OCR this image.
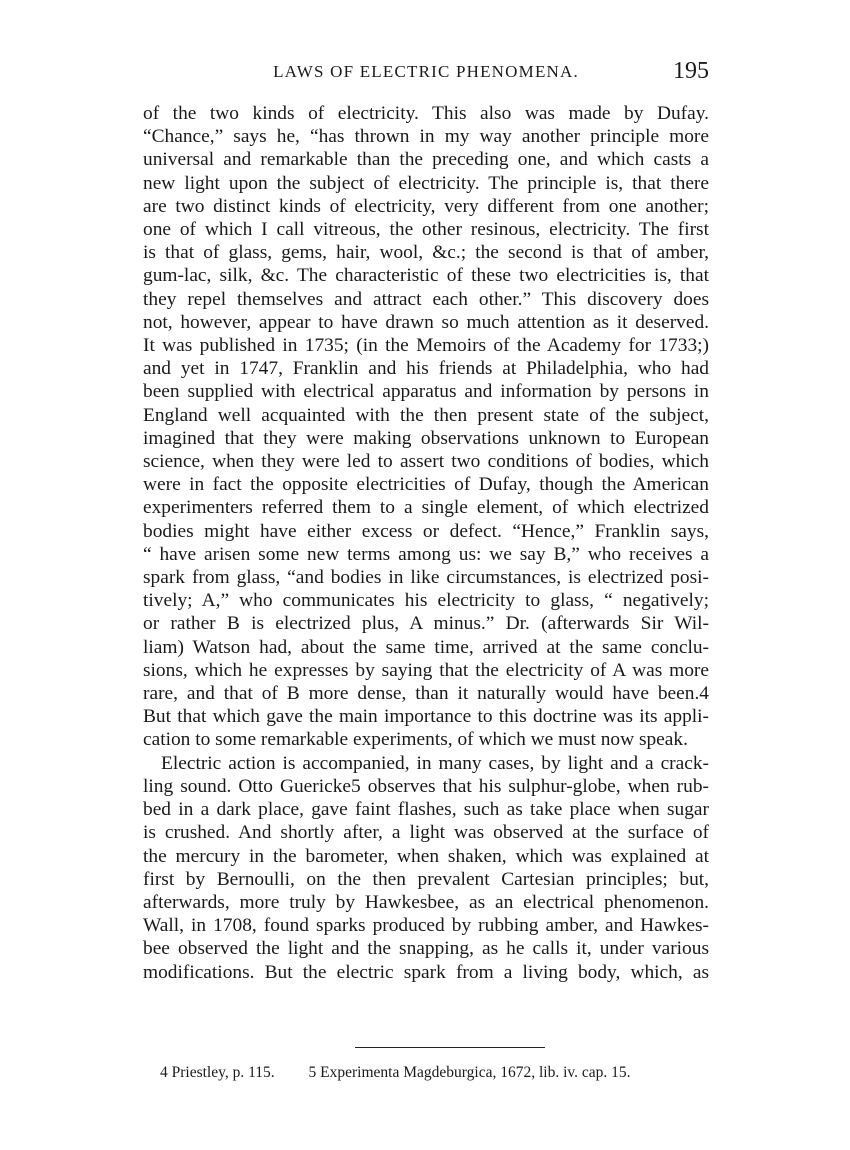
LAWS OF ELECTRIC PHENOMENA.	195
of the two kinds of electricity. This also was made by Dufay.
“Chance,” says he, “has thrown in my way another principle more
universal and remarkable than the preceding one, and which casts a
new light upon the subject of electricity. The principle is, that there
are two distinct kinds of electricity, very different from one another;
one of which I call vitreous, the other resinous, electricity. The first
is that of glass, gems, hair, wool, &c.; the second is that of amber,
gum-lac, silk, &c. The characteristic of these two electricities is, that
they repel themselves and attract each other.” This discovery does
not, however, appear to have drawn so much attention as it deserved.
It was published in 1735; (in the Memoirs of the Academy for 1733;)
and yet in 1747, Franklin and his friends at Philadelphia, who had
been supplied with electrical apparatus and information by persons in
England well acquainted with the then present state of the subject,
imagined that they were making observations unknown to European
science, when they were led to assert two conditions of bodies, which
were in fact the opposite electricities of Dufay, though the American
experimenters referred them to a single element, of which electrized
bodies might have either excess or defect. “Hence,” Franklin says,
“ have arisen some new terms among us: we say B,” who receives a
spark from glass, “and bodies in like circumstances, is electrized posi-
tively; A,” who communicates his electricity to glass, “ negatively;
or rather B is electrized plus, A minus.” Dr. (afterwards Sir Wil-
liam) Watson had, about the same time, arrived at the same conclu-
sions, which he expresses by saying that the electricity of A was more
rare, and that of B more dense, than it naturally would have been.4
But that which gave the main importance to this doctrine was its appli-
cation to some remarkable experiments, of which we must now speak.
Electric action is accompanied, in many cases, by light and a crack-
ling sound. Otto Guericke5 observes that his sulphur-globe, when rub-
bed in a dark place, gave faint flashes, such as take place when sugar
is crushed. And shortly after, a light was observed at the surface of
the mercury in the barometer, when shaken, which was explained at
first by Bernoulli, on the then prevalent Cartesian principles; but,
afterwards, more truly by Hawkesbee, as an electrical phenomenon.
Wall, in 1708, found sparks produced by rubbing amber, and Hawkes-
bee observed the light and the snapping, as he calls it, under various
modifications. But the electric spark from a living body, which, as
4 Priestley, p. 115. 5 Experimenta Magdeburgica, 1672, lib. iv. cap. 15.
